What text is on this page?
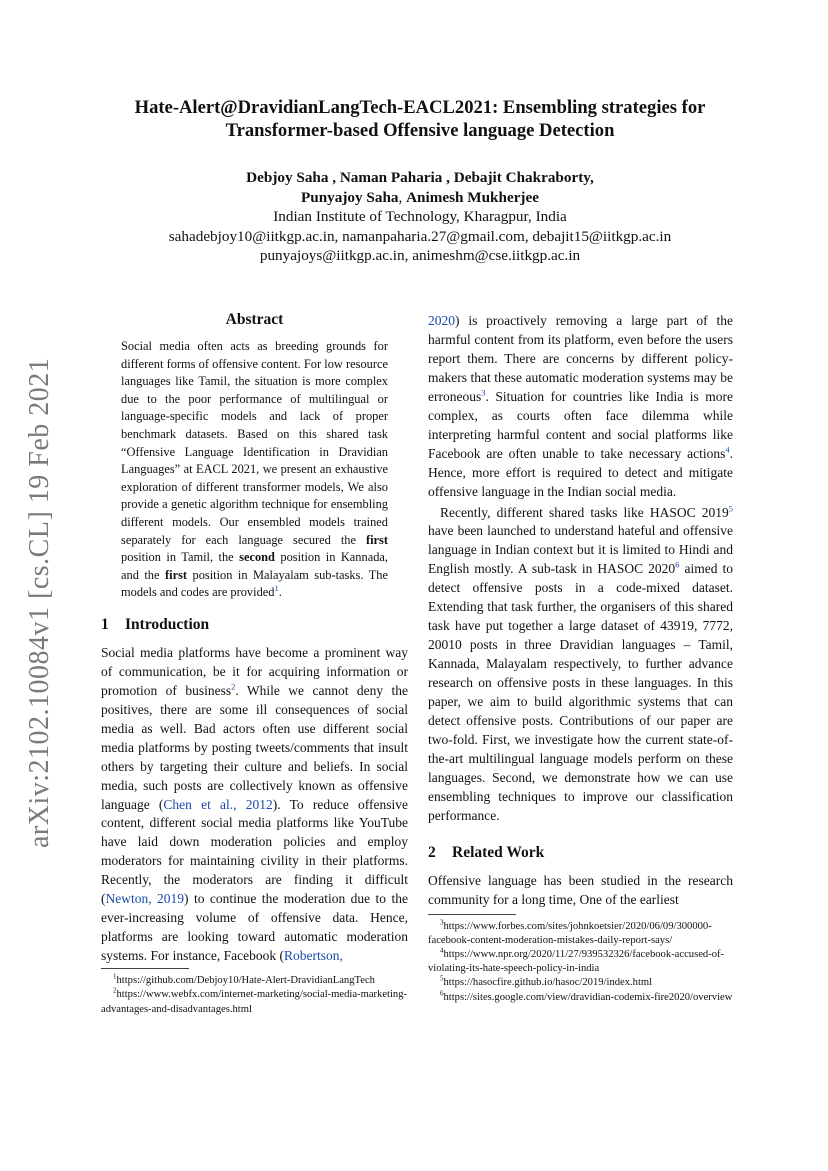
arXiv:2102.10084v1 [cs.CL] 19 Feb 2021
Hate-Alert@DravidianLangTech-EACL2021: Ensembling strategies for
Transformer-based Offensive language Detection
Debjoy Saha , Naman Paharia , Debajit Chakraborty,
Punyajoy Saha, Animesh Mukherjee
Indian Institute of Technology, Kharagpur, India
sahadebjoy10@iitkgp.ac.in, namanpaharia.27@gmail.com, debajit15@iitkgp.ac.in
punyajoys@iitkgp.ac.in, animeshm@cse.iitkgp.ac.in
Abstract

Social media often acts as breeding grounds for different forms of offensive content. For low resource languages like Tamil, the situation is more complex due to the poor performance of multilingual or language-specific models and lack of proper benchmark datasets. Based on this shared task “Offensive Language Identification in Dravidian Languages” at EACL 2021, we present an exhaustive exploration of different transformer models, We also provide a genetic algorithm technique for ensembling different models. Our ensembled models trained separately for each language secured the first position in Tamil, the second position in Kannada, and the first position in Malayalam sub-tasks. The models and codes are provided$^1$.

1 Introduction

Social media platforms have become a prominent way of communication, be it for acquiring information or promotion of business$^2$. While we cannot deny the positives, there are some ill consequences of social media as well. Bad actors often use different social media platforms by posting tweets/comments that insult others by targeting their culture and beliefs. In social media, such posts are collectively known as offensive language (Chen et al., 2012). To reduce offensive content, different social media platforms like YouTube have laid down moderation policies and employ moderators for maintaining civility in their platforms. Recently, the moderators are finding it difficult (Newton, 2019) to continue the moderation due to the ever-increasing volume of offensive data. Hence, platforms are looking toward automatic moderation systems. For instance, Facebook (Robertson,

$^1$https://github.com/Debjoy10/Hate-Alert-DravidianLangTech

$^2$https://www.webfx.com/internet-marketing/social-media-marketing-advantages-and-disadvantages.html

2020) is proactively removing a large part of the harmful content from its platform, even before the users report them. There are concerns by different policy-makers that these automatic moderation systems may be erroneous$^3$. Situation for countries like India is more complex, as courts often face dilemma while interpreting harmful content and social platforms like Facebook are often unable to take necessary actions$^4$. Hence, more effort is required to detect and mitigate offensive language in the Indian social media.

Recently, different shared tasks like HASOC 2019$^5$ have been launched to understand hateful and offensive language in Indian context but it is limited to Hindi and English mostly. A sub-task in HASOC 2020$^6$ aimed to detect offensive posts in a code-mixed dataset. Extending that task further, the organisers of this shared task have put together a large dataset of 43919, 7772, 20010 posts in three Dravidian languages – Tamil, Kannada, Malayalam respectively, to further advance research on offensive posts in these languages. In this paper, we aim to build algorithmic systems that can detect offensive posts. Contributions of our paper are two-fold. First, we investigate how the current state-of-the-art multilingual language models perform on these languages. Second, we demonstrate how we can use ensembling techniques to improve our classification performance.

2 Related Work

Offensive language has been studied in the research community for a long time, One of the earliest

$^3$https://www.forbes.com/sites/johnkoetsier/2020/06/09/300000-facebook-content-moderation-mistakes-daily-report-says/

$^4$https://www.npr.org/2020/11/27/939532326/facebook-accused-of-violating-its-hate-speech-policy-in-india

$^5$https://hasocfire.github.io/hasoc/2019/index.html

$^6$https://sites.google.com/view/dravidian-codemix-fire2020/overview
